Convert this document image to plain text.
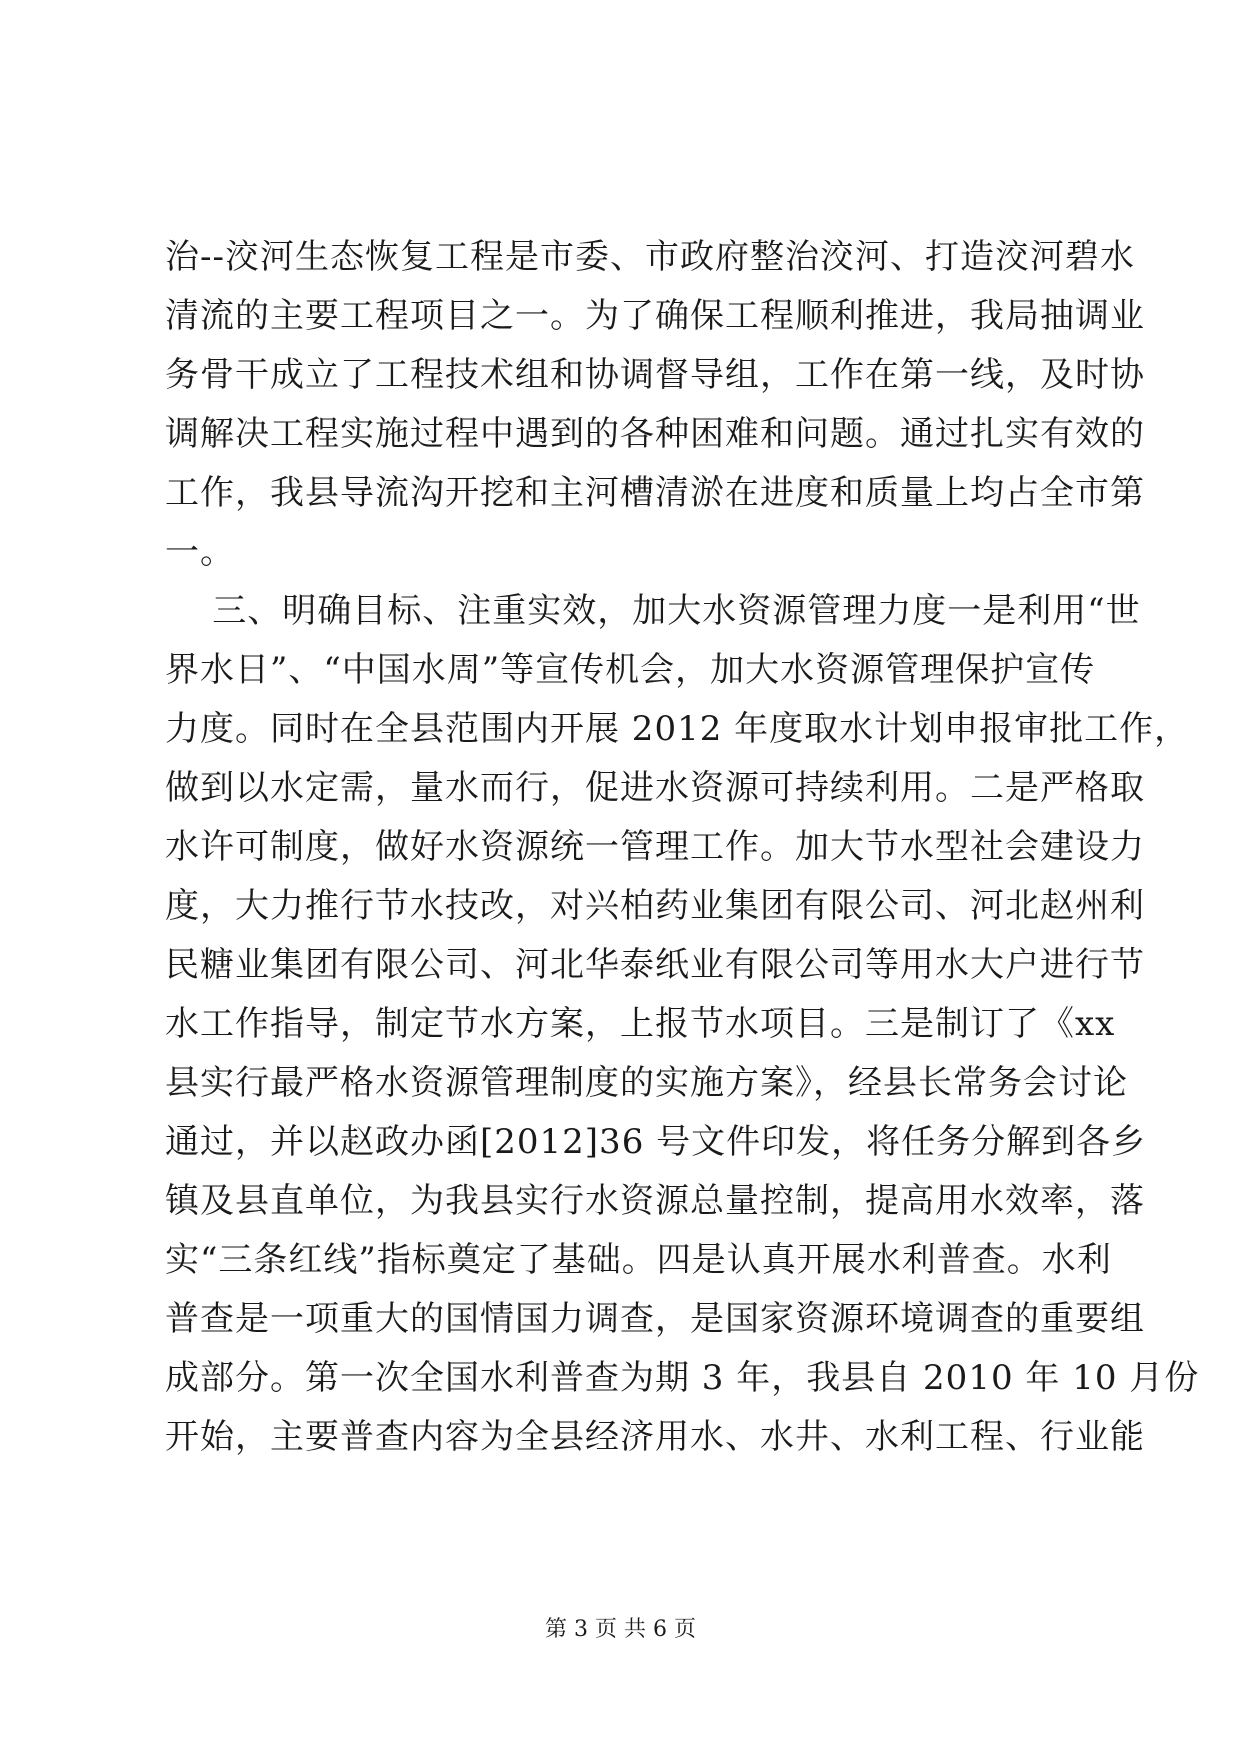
治--洨河生态恢复工程是市委、市政府整治洨河、打造洨河碧水
清流的主要工程项目之一。为了确保工程顺利推进，我局抽调业
务骨干成立了工程技术组和协调督导组，工作在第一线，及时协
调解决工程实施过程中遇到的各种困难和问题。通过扎实有效的
工作，我县导流沟开挖和主河槽清淤在进度和质量上均占全市第
一。
三、明确目标、注重实效，加大水资源管理力度一是利用“世
界水日”、“中国水周”等宣传机会，加大水资源管理保护宣传
力度。同时在全县范围内开展 2012 年度取水计划申报审批工作，
做到以水定需，量水而行，促进水资源可持续利用。二是严格取
水许可制度，做好水资源统一管理工作。加大节水型社会建设力
度，大力推行节水技改，对兴柏药业集团有限公司、河北赵州利
民糖业集团有限公司、河北华泰纸业有限公司等用水大户进行节
水工作指导，制定节水方案，上报节水项目。三是制订了《xx
县实行最严格水资源管理制度的实施方案》，经县长常务会讨论
通过，并以赵政办函[2012]36 号文件印发，将任务分解到各乡
镇及县直单位，为我县实行水资源总量控制，提高用水效率，落
实“三条红线”指标奠定了基础。四是认真开展水利普查。水利
普查是一项重大的国情国力调查，是国家资源环境调查的重要组
成部分。第一次全国水利普查为期 3 年，我县自 2010 年 10 月份
开始，主要普查内容为全县经济用水、水井、水利工程、行业能
第 3 页 共 6 页
